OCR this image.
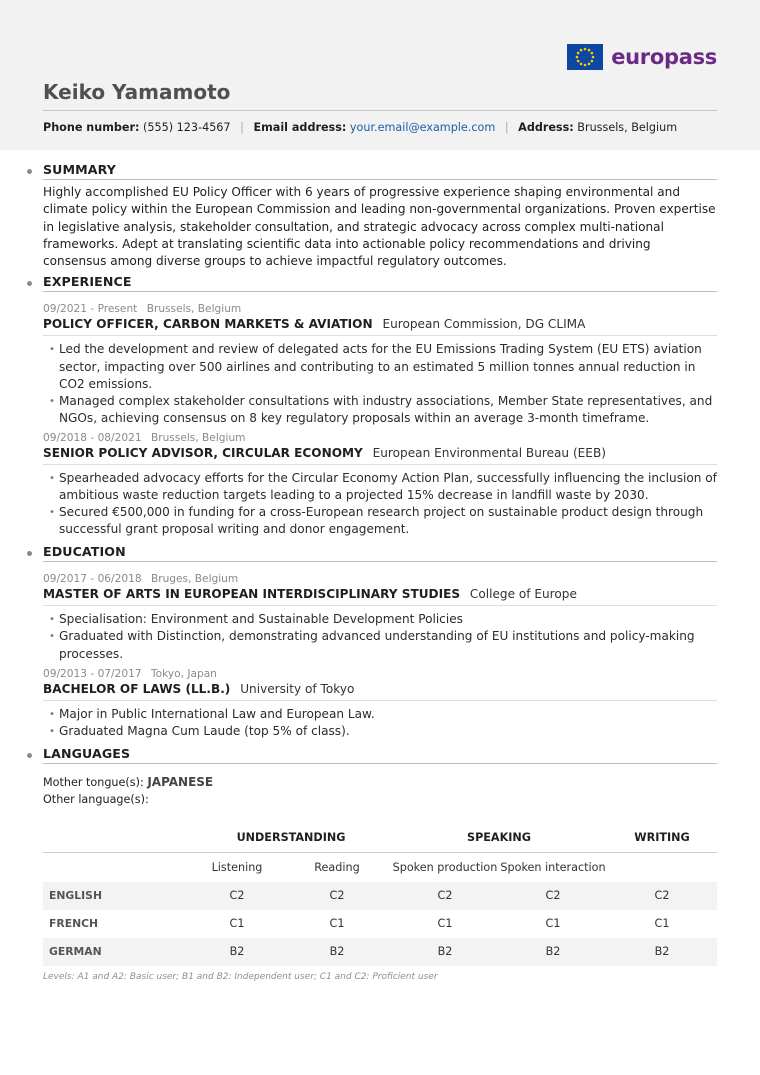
europass
Keiko Yamamoto
Phone number: (555) 123-4567 | Email address: your.email@example.com | Address: Brussels, Belgium
SUMMARY
Highly accomplished EU Policy Officer with 6 years of progressive experience shaping environmental and climate policy within the European Commission and leading non-governmental organizations. Proven expertise in legislative analysis, stakeholder consultation, and strategic advocacy across complex multi-national frameworks. Adept at translating scientific data into actionable policy recommendations and driving consensus among diverse groups to achieve impactful regulatory outcomes.
EXPERIENCE
09/2021 - Present Brussels, Belgium
POLICY OFFICER, CARBON MARKETS & AVIATION European Commission, DG CLIMA
• Led the development and review of delegated acts for the EU Emissions Trading System (EU ETS) aviation sector, impacting over 500 airlines and contributing to an estimated 5 million tonnes annual reduction in CO2 emissions.
• Managed complex stakeholder consultations with industry associations, Member State representatives, and NGOs, achieving consensus on 8 key regulatory proposals within an average 3-month timeframe.
09/2018 - 08/2021 Brussels, Belgium
SENIOR POLICY ADVISOR, CIRCULAR ECONOMY European Environmental Bureau (EEB)
• Spearheaded advocacy efforts for the Circular Economy Action Plan, successfully influencing the inclusion of ambitious waste reduction targets leading to a projected 15% decrease in landfill waste by 2030.
• Secured €500,000 in funding for a cross-European research project on sustainable product design through successful grant proposal writing and donor engagement.
EDUCATION
09/2017 - 06/2018 Bruges, Belgium
MASTER OF ARTS IN EUROPEAN INTERDISCIPLINARY STUDIES College of Europe
• Specialisation: Environment and Sustainable Development Policies
• Graduated with Distinction, demonstrating advanced understanding of EU institutions and policy-making processes.
09/2013 - 07/2017 Tokyo, Japan
BACHELOR OF LAWS (LL.B.) University of Tokyo
• Major in Public International Law and European Law.
• Graduated Magna Cum Laude (top 5% of class).
LANGUAGES
Mother tongue(s): JAPANESE
Other language(s):
	UNDERSTANDING		SPEAKING		WRITING
	Listening	Reading	Spoken production	Spoken interaction	
ENGLISH	C2	C2	C2	C2	C2
FRENCH	C1	C1	C1	C1	C1
GERMAN	B2	B2	B2	B2	B2
Levels: A1 and A2: Basic user; B1 and B2: Independent user; C1 and C2: Proficient user
